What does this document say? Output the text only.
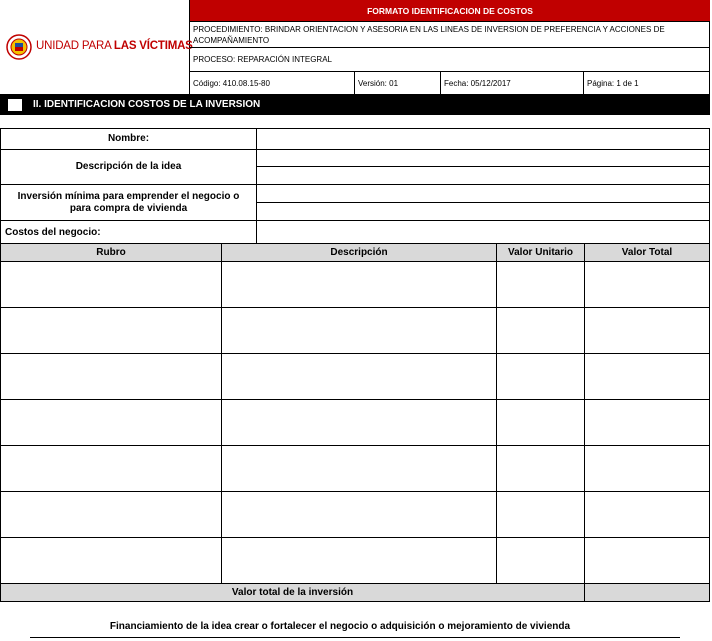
UNIDAD PARA LAS VÍCTIMAS
FORMATO IDENTIFICACION DE COSTOS
PROCEDIMIENTO: BRINDAR ORIENTACION Y ASESORIA EN LAS LINEAS DE INVERSION DE PREFERENCIA Y ACCIONES DE ACOMPAÑAMIENTO
PROCESO: REPARACIÓN INTEGRAL
Código: 410.08.15-80	Versión: 01	Fecha: 05/12/2017	Página: 1 de 1
II. IDENTIFICACION COSTOS DE LA INVERSION
Nombre:
Descripción de la idea
Inversión mínima para emprender el negocio o para compra de vivienda
Costos del negocio:
Rubro	Descripción	Valor Unitario	Valor Total
Valor total de la inversión
Financiamiento de la idea crear o fortalecer el negocio o adquisición o mejoramiento de vivienda
